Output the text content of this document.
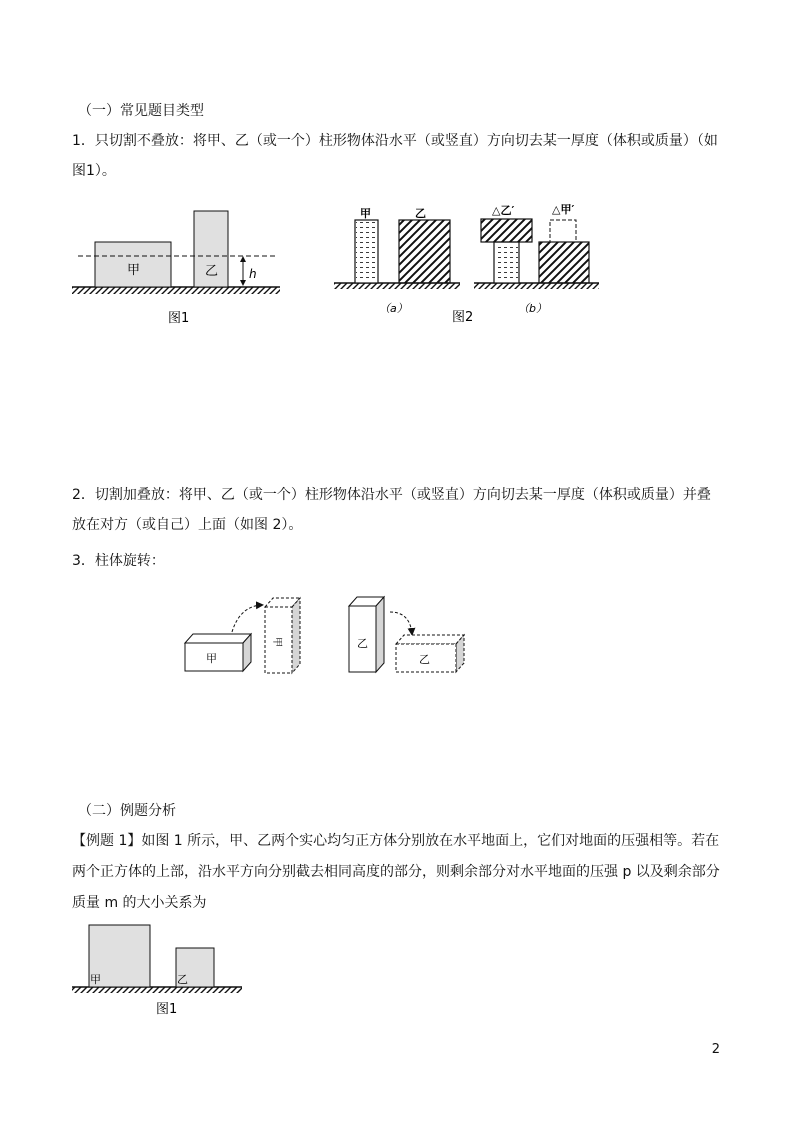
甲	乙	h
图1
甲	乙
（a）
△乙′	△甲′
（b）
图2
甲
甲	乙
乙
甲	乙
图1
（一）常见题目类型
1．只切割不叠放：将甲、乙（或一个）柱形物体沿水平（或竖直）方向切去某一厚度（体积或质量）（如图1）。
2．切割加叠放：将甲、乙（或一个）柱形物体沿水平（或竖直）方向切去某一厚度（体积或质量）并叠放在对方（或自己）上面（如图 2）。
3．柱体旋转：
（二）例题分析
【例题 1】如图 1 所示，甲、乙两个实心均匀正方体分别放在水平地面上，它们对地面的压强相等。若在两个正方体的上部，沿水平方向分别截去相同高度的部分，则剩余部分对水平地面的压强 p 以及剩余部分质量 m 的大小关系为
2
